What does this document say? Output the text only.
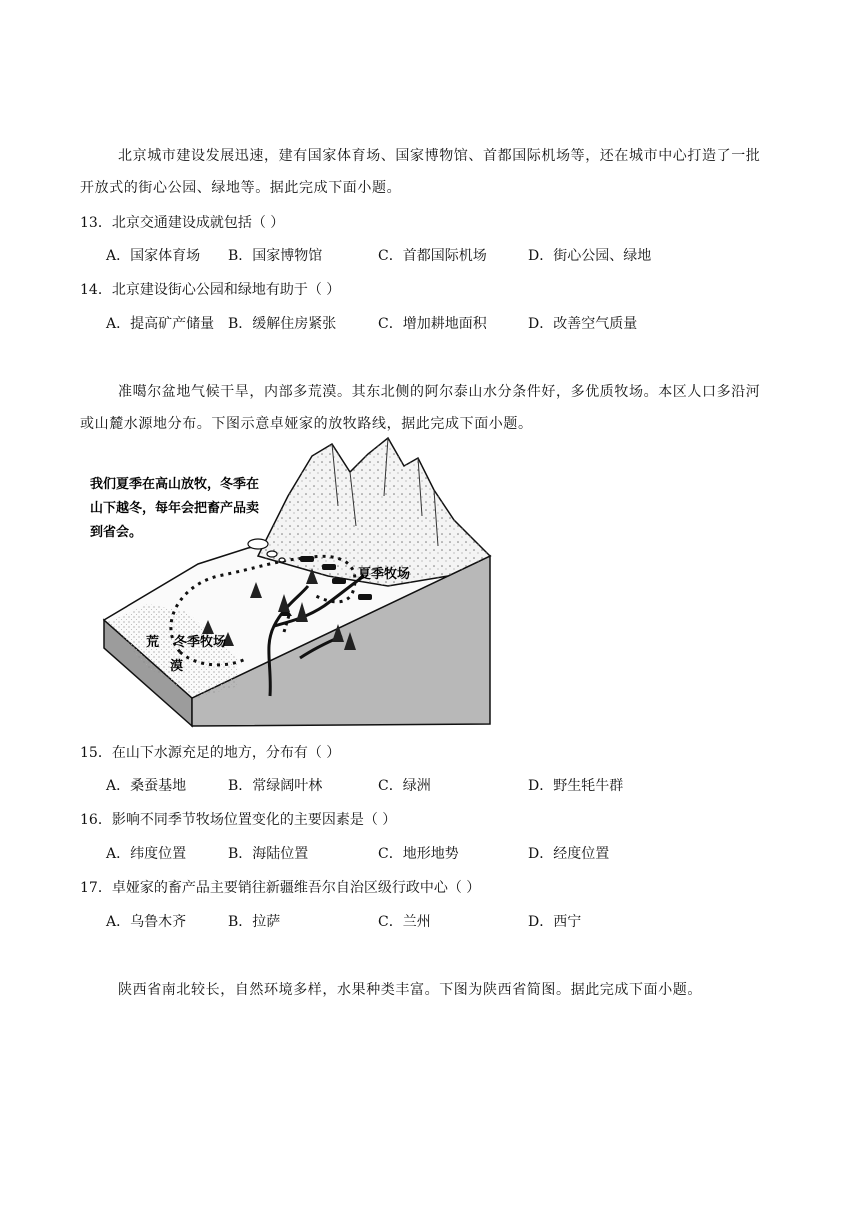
北京城市建设发展迅速，建有国家体育场、国家博物馆、首都国际机场等，还在城市中心打造了一批
开放式的街心公园、绿地等。据此完成下面小题。
13．北京交通建设成就包括（ ）
A．国家体育场 B．国家博物馆	C．首都国际机场	D．街心公园、绿地
14．北京建设街心公园和绿地有助于（ ）
A．提高矿产储量 B．缓解住房紧张	C．增加耕地面积	D．改善空气质量
准噶尔盆地气候干旱，内部多荒漠。其东北侧的阿尔泰山水分条件好，多优质牧场。本区人口多沿河
或山麓水源地分布。下图示意卓娅家的放牧路线，据此完成下面小题。
我们夏季在高山放牧，冬季在
山下越冬，每年会把畜产品卖
到省会。
夏季牧场
冬季牧场
荒
漠
15．在山下水源充足的地方，分布有（ ）
A．桑蚕基地	B．常绿阔叶林	C．绿洲	D．野生牦牛群
16．影响不同季节牧场位置变化的主要因素是（ ）
A．纬度位置	B．海陆位置	C．地形地势	D．经度位置
17．卓娅家的畜产品主要销往新疆维吾尔自治区级行政中心（ ）
A．乌鲁木齐	B．拉萨	C．兰州	D．西宁
陕西省南北较长，自然环境多样，水果种类丰富。下图为陕西省简图。据此完成下面小题。
